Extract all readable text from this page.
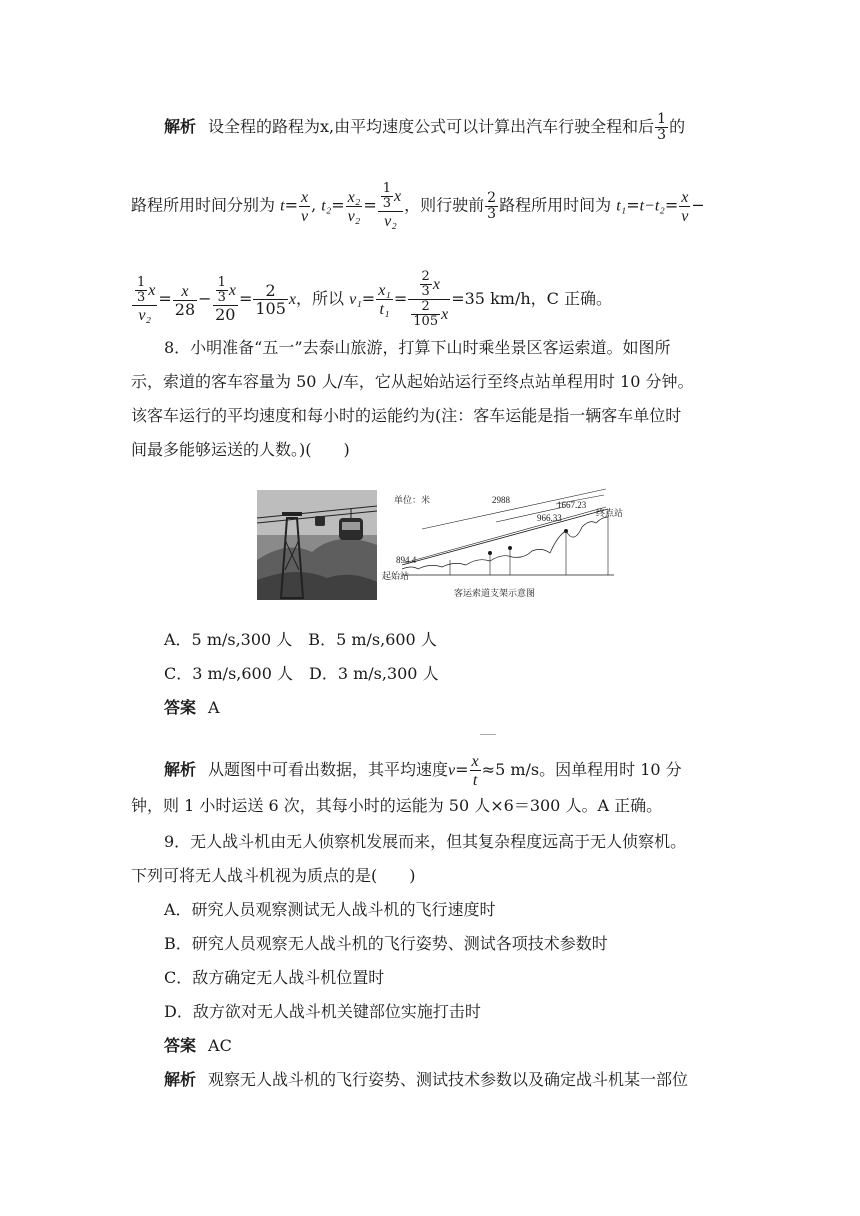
解析 设全程的路程为x,由平均速度公式可以计算出汽车行驶全程和后 $\frac{1}{3}$ 的
路程所用时间分别为 $t= \frac{x}{v}$ , $t_2= \frac{\text{x₂}}{\text{v₂}} = \frac{\frac{1}{3} x}{\text{v₂}}$ ，则行驶前 $\frac{2}{3}$ 路程所用时间为 $t_1=t-t_2= \frac{x}{v}$ −
$\frac{\frac{1}{3} x}{\text{v₂}} = \frac{x}{28} - \frac{\frac{1}{3} x}{20} = \frac{2}{105}$ x，所以 $v_1= \frac{\text{x₁}}{\text{t₁}} = \frac{\frac{2}{3} x}{\frac{2}{105} x} =35$ km/h，C 正确。
8．小明准备“五一”去泰山旅游，打算下山时乘坐景区客运索道。如图所
示，索道的客车容量为 50 人/车，它从起始站运行至终点站单程用时 10 分钟。
该客车运行的平均速度和每小时的运能约为(注：客车运能是指一辆客车单位时
间最多能够运送的人数。)(　　)
单位：米	2988	1667.23
966.33
894.4
终点站
起始站
客运索道支架示意图
A．5 m/s,300 人　B．5 m/s,600 人
C．3 m/s,600 人　D．3 m/s,300 人
答案 A
解析 从题图中可看出数据，其平均速度$v= \frac{x}{t} \approx 5$ m/s。因单程用时 10 分
钟，则 1 小时运送 6 次，其每小时的运能为 50 人×6＝300 人。A 正确。
9．无人战斗机由无人侦察机发展而来，但其复杂程度远高于无人侦察机。
下列可将无人战斗机视为质点的是(　　)
A．研究人员观察测试无人战斗机的飞行速度时
B．研究人员观察无人战斗机的飞行姿势、测试各项技术参数时
C．敌方确定无人战斗机位置时
D．敌方欲对无人战斗机关键部位实施打击时
答案 AC
解析 观察无人战斗机的飞行姿势、测试技术参数以及确定战斗机某一部位
